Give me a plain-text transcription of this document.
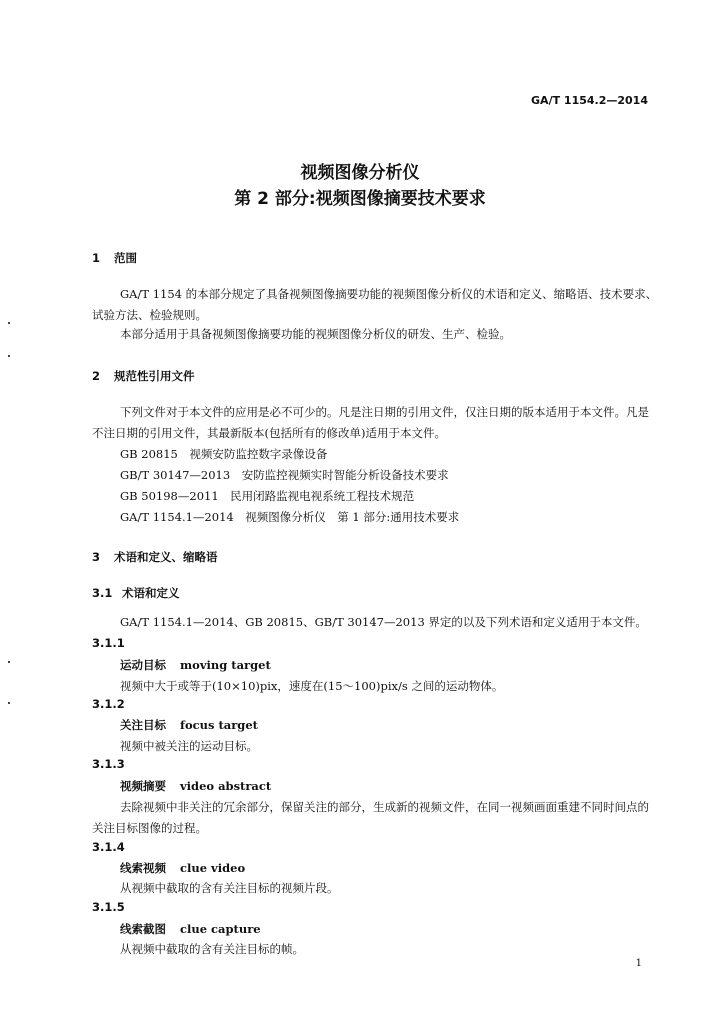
GA/T 1154.2—2014
视频图像分析仪
第 2 部分:视频图像摘要技术要求
1 范围

GA/T 1154 的本部分规定了具备视频图像摘要功能的视频图像分析仪的术语和定义、缩略语、技术要求、试验方法、检验规则。

本部分适用于具备视频图像摘要功能的视频图像分析仪的研发、生产、检验。

2 规范性引用文件

下列文件对于本文件的应用是必不可少的。凡是注日期的引用文件，仅注日期的版本适用于本文件。凡是不注日期的引用文件，其最新版本(包括所有的修改单)适用于本文件。

GB 20815　视频安防监控数字录像设备
GB/T 30147—2013　安防监控视频实时智能分析设备技术要求
GB 50198—2011　民用闭路监视电视系统工程技术规范
GA/T 1154.1—2014　视频图像分析仪　第 1 部分:通用技术要求
3 术语和定义、缩略语
3.1 术语和定义

GA/T 1154.1—2014、GB 20815、GB/T 30147—2013 界定的以及下列术语和定义适用于本文件。

3.1.1
运动目标 moving target

视频中大于或等于(10×10)pix，速度在(15～100)pix/s 之间的运动物体。

3.1.2
关注目标 focus target

视频中被关注的运动目标。

3.1.3
视频摘要 video abstract

去除视频中非关注的冗余部分，保留关注的部分，生成新的视频文件，在同一视频画面重建不同时间点的关注目标图像的过程。

3.1.4
线索视频 clue video

从视频中截取的含有关注目标的视频片段。

3.1.5
线索截图 clue capture

从视频中截取的含有关注目标的帧。

1
